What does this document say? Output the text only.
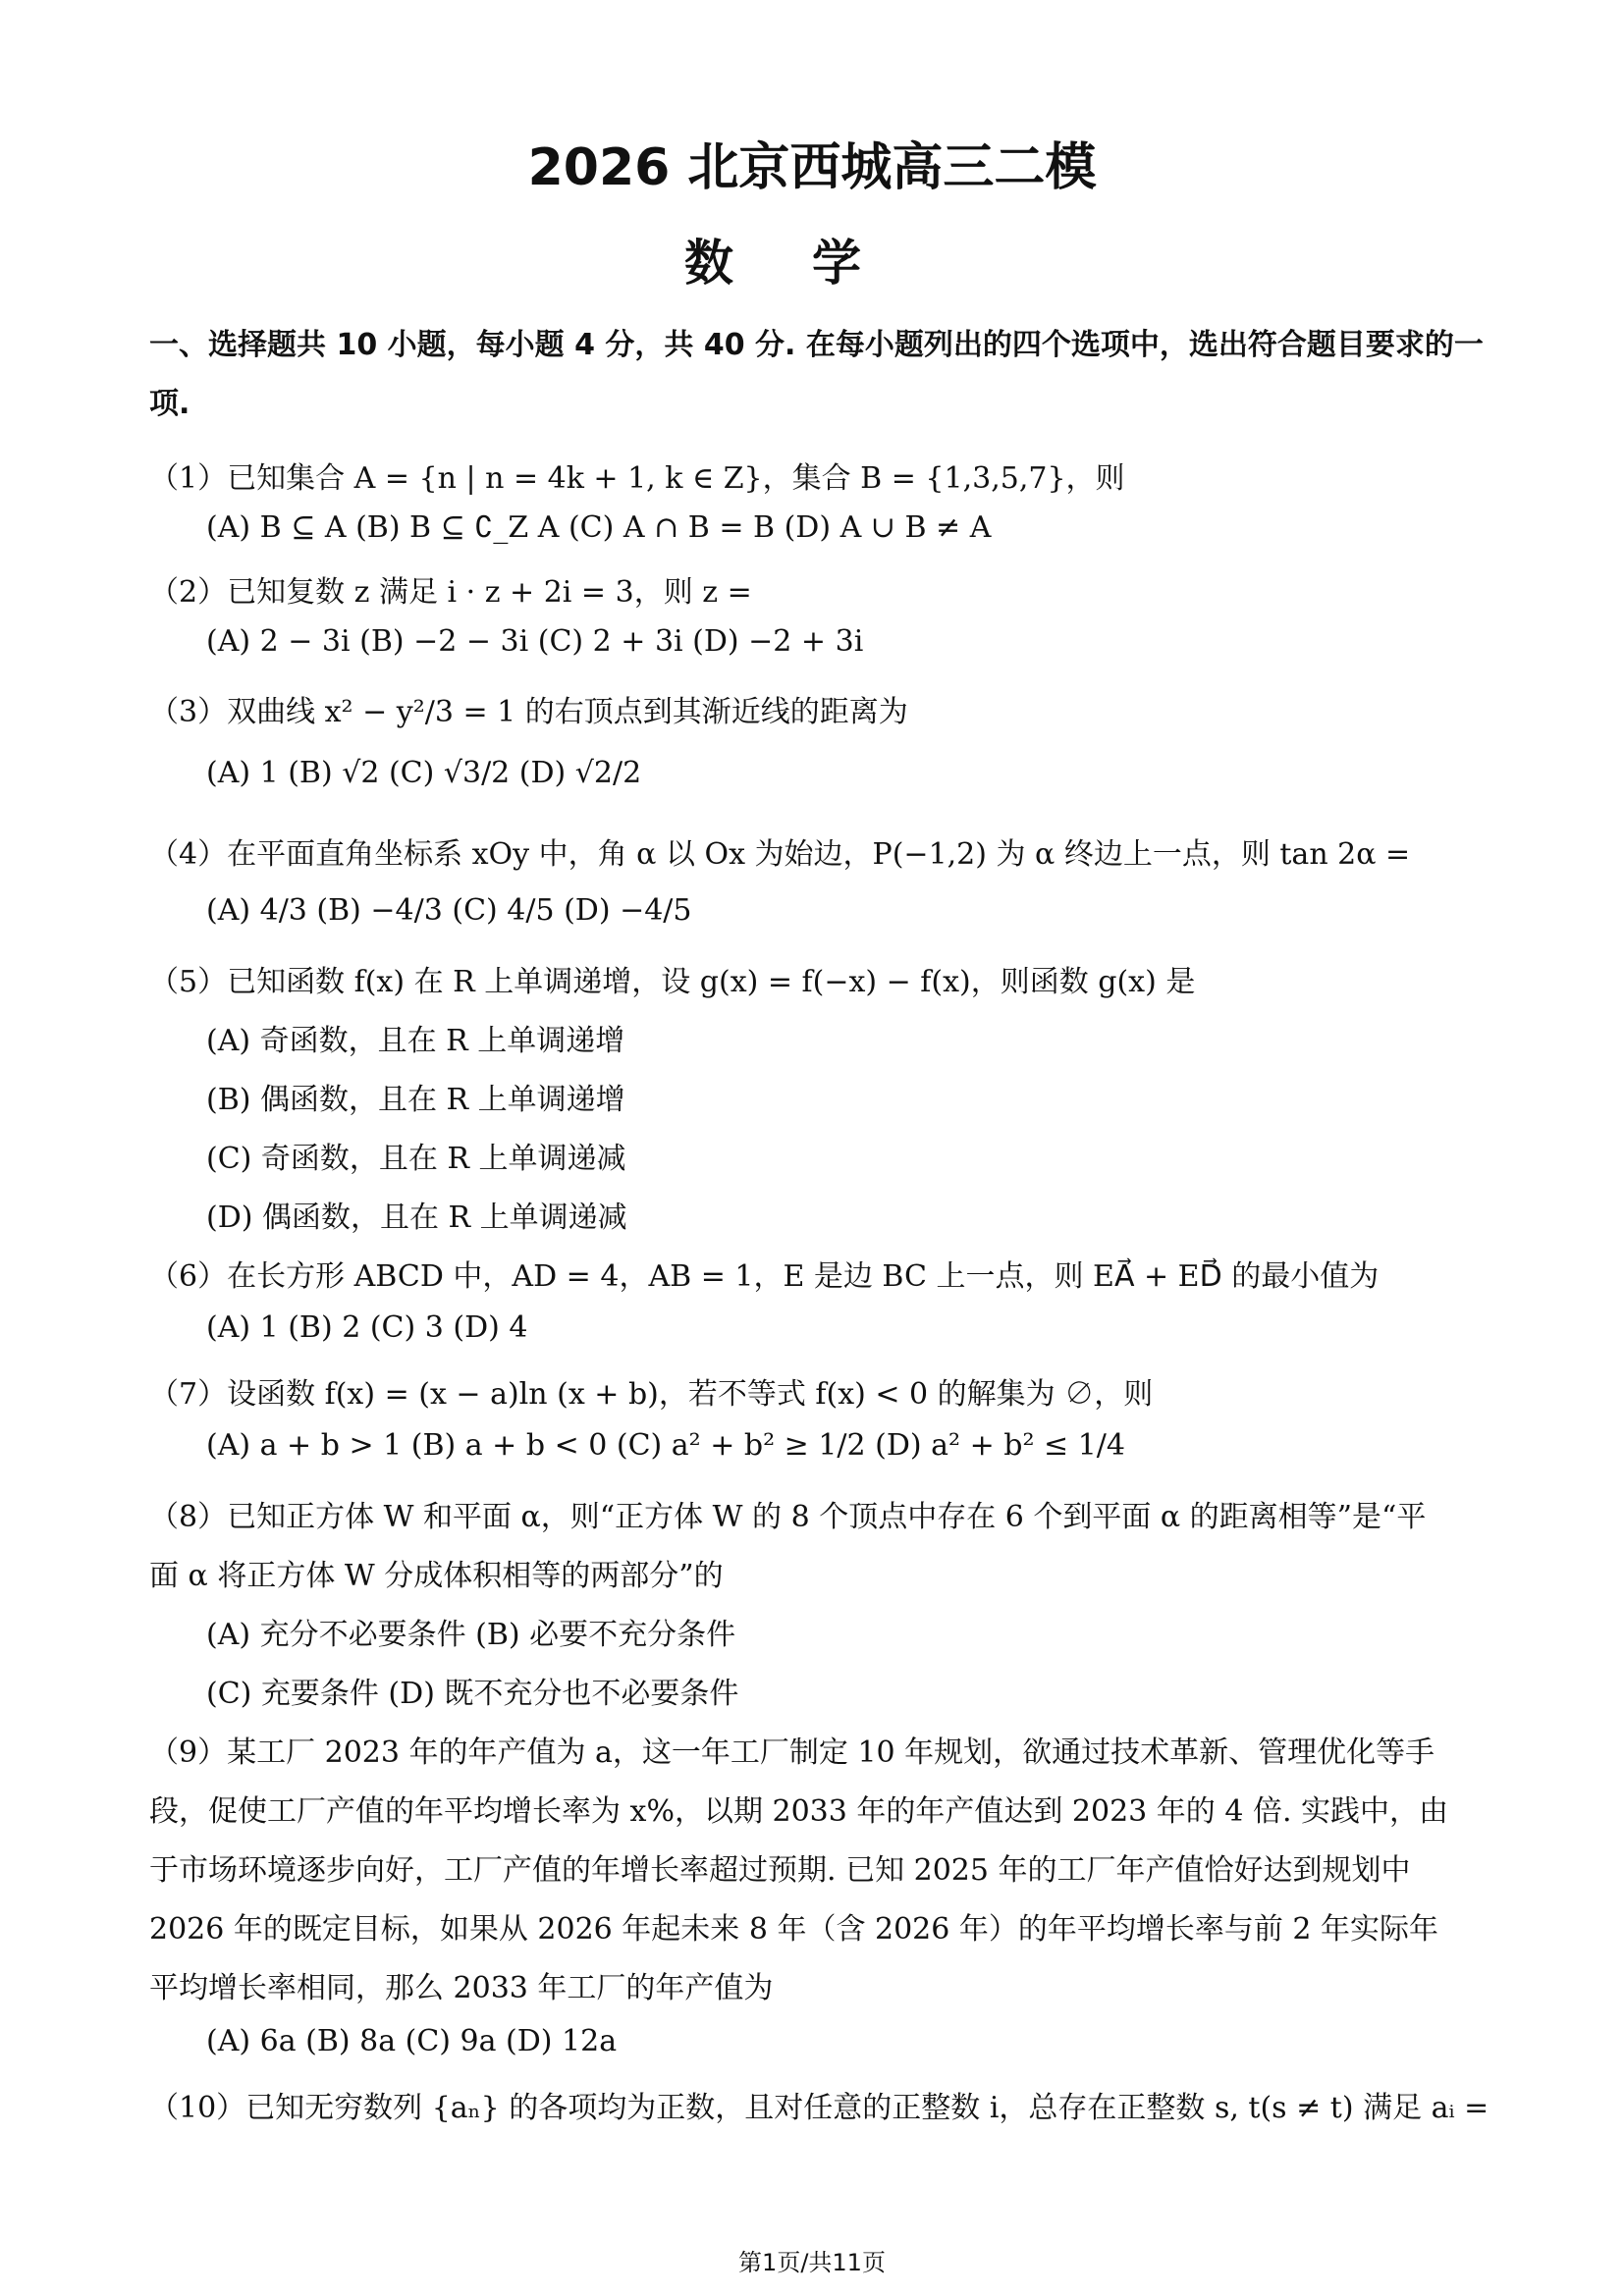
2026 北京西城高三二模
数学
一、选择题共 10 小题，每小题 4 分，共 40 分. 在每小题列出的四个选项中，选出符合题目要求的一项.
（1）已知集合 A = {n | n = 4k + 1, k ∈ Z}，集合 B = {1,3,5,7}，则
(A) B ⊆ A (B) B ⊆ ∁_Z A (C) A ∩ B = B (D) A ∪ B ≠ A
（2）已知复数 z 满足 i · z + 2i = 3，则 z =
(A) 2 − 3i (B) −2 − 3i (C) 2 + 3i (D) −2 + 3i
（3）双曲线 x² − y²/3 = 1 的右顶点到其渐近线的距离为
(A) 1 (B) √2 (C) √3/2 (D) √2/2
（4）在平面直角坐标系 xOy 中，角 α 以 Ox 为始边，P(−1,2) 为 α 终边上一点，则 tan 2α =
(A) 4/3 (B) −4/3 (C) 4/5 (D) −4/5
（5）已知函数 f(x) 在 R 上单调递增，设 g(x) = f(−x) − f(x)，则函数 g(x) 是
(A) 奇函数，且在 R 上单调递增
(B) 偶函数，且在 R 上单调递增
(C) 奇函数，且在 R 上单调递减
(D) 偶函数，且在 R 上单调递减
（6）在长方形 ABCD 中，AD = 4，AB = 1，E 是边 BC 上一点，则 EA⃗ + ED⃗ 的最小值为
(A) 1 (B) 2 (C) 3 (D) 4
（7）设函数 f(x) = (x − a)ln (x + b)，若不等式 f(x) < 0 的解集为 ∅，则
(A) a + b > 1 (B) a + b < 0 (C) a² + b² ≥ 1/2 (D) a² + b² ≤ 1/4
（8）已知正方体 W 和平面 α，则“正方体 W 的 8 个顶点中存在 6 个到平面 α 的距离相等”是“平
面 α 将正方体 W 分成体积相等的两部分”的
(A) 充分不必要条件 (B) 必要不充分条件
(C) 充要条件 (D) 既不充分也不必要条件
（9）某工厂 2023 年的年产值为 a，这一年工厂制定 10 年规划，欲通过技术革新、管理优化等手
段，促使工厂产值的年平均增长率为 x%，以期 2033 年的年产值达到 2023 年的 4 倍. 实践中，由
于市场环境逐步向好，工厂产值的年增长率超过预期. 已知 2025 年的工厂年产值恰好达到规划中
2026 年的既定目标，如果从 2026 年起未来 8 年（含 2026 年）的年平均增长率与前 2 年实际年
平均增长率相同，那么 2033 年工厂的年产值为
(A) 6a (B) 8a (C) 9a (D) 12a
（10）已知无穷数列 {aₙ} 的各项均为正数，且对任意的正整数 i，总存在正整数 s, t(s ≠ t) 满足 aᵢ =
第1页/共11页
